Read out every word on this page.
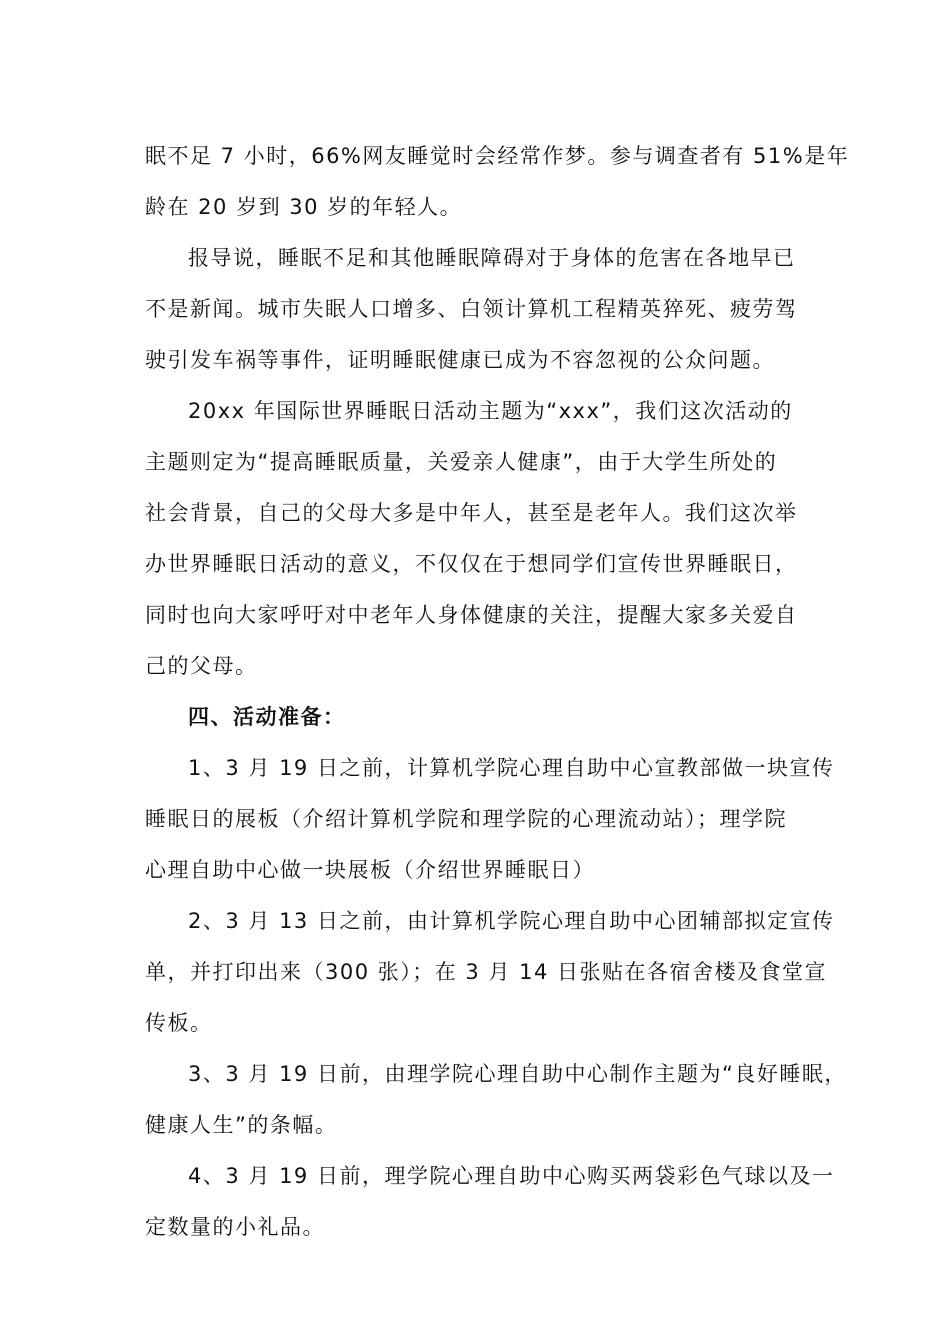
眠不足 7 小时，66%网友睡觉时会经常作梦。参与调查者有 51%是年
龄在 20 岁到 30 岁的年轻人。
报导说，睡眠不足和其他睡眠障碍对于身体的危害在各地早已
不是新闻。城市失眠人口增多、白领计算机工程精英猝死、疲劳驾
驶引发车祸等事件，证明睡眠健康已成为不容忽视的公众问题。
20xx 年国际世界睡眠日活动主题为“xxx”，我们这次活动的
主题则定为“提高睡眠质量，关爱亲人健康”，由于大学生所处的
社会背景，自己的父母大多是中年人，甚至是老年人。我们这次举
办世界睡眠日活动的意义，不仅仅在于想同学们宣传世界睡眠日，
同时也向大家呼吁对中老年人身体健康的关注，提醒大家多关爱自
己的父母。
四、活动准备：
1、3 月 19 日之前，计算机学院心理自助中心宣教部做一块宣传
睡眠日的展板（介绍计算机学院和理学院的心理流动站）；理学院
心理自助中心做一块展板（介绍世界睡眠日）
2、3 月 13 日之前，由计算机学院心理自助中心团辅部拟定宣传
单，并打印出来（300 张）；在 3 月 14 日张贴在各宿舍楼及食堂宣
传板。
3、3 月 19 日前，由理学院心理自助中心制作主题为“良好睡眠，
健康人生”的条幅。
4、3 月 19 日前，理学院心理自助中心购买两袋彩色气球以及一
定数量的小礼品。
